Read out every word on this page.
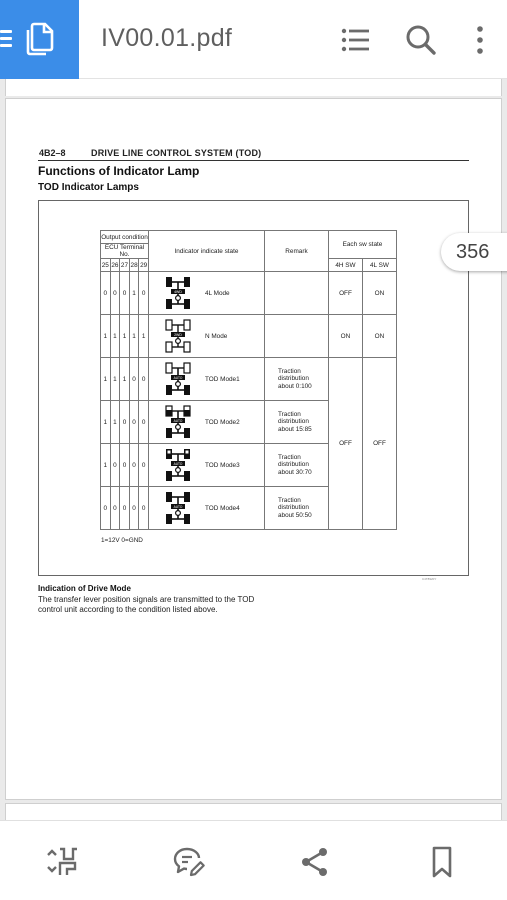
IV00.01.pdf
4B2–8	DRIVE LINE CONTROL SYSTEM (TOD)
Functions of Indicator Lamp
TOD Indicator Lamps
Output condition					Indicator indicate state	Remark	Each sw state	
ECU Terminal No.								
25	26	27	28	29			4H SW	4L SW
0	0	0	1	0	4WD 4L Mode		OFF	ON
1	1	1	1	1	2WD N Mode		ON	ON
1	1	1	0	0	AUTO TOD Mode1	Traction
distribution
about 0:100	OFF	OFF
1	1	0	0	0	AUTO TOD Mode2	Traction
distribution
about 15:85		
1	0	0	0	0	AUTO TOD Mode3	Traction
distribution
about 30:70		
0	0	0	0	0	AUTO TOD Mode4	Traction
distribution
about 50:50		
1=12V 0=GND
C4T8920Y
Indication of Drive Mode
The transfer lever position signals are transmitted to the TOD control unit according to the condition listed above.
356
